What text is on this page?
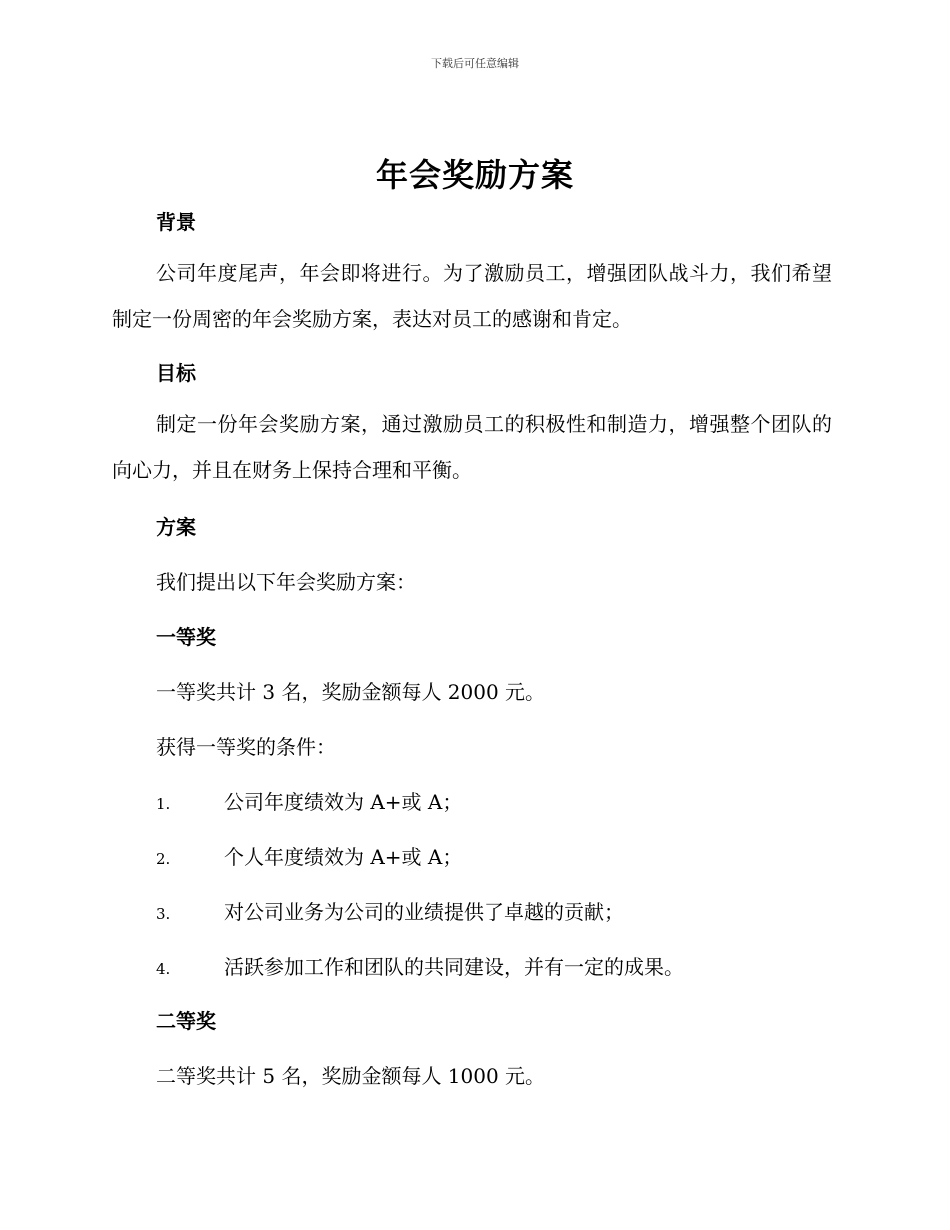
下载后可任意编辑
年会奖励方案
背景
公司年度尾声，年会即将进行。为了激励员工，增强团队战斗力，我们希望制定一份周密的年会奖励方案，表达对员工的感谢和肯定。
目标
制定一份年会奖励方案，通过激励员工的积极性和制造力，增强整个团队的向心力，并且在财务上保持合理和平衡。
方案
我们提出以下年会奖励方案：
一等奖
一等奖共计 3 名，奖励金额每人 2000 元。
获得一等奖的条件：
1.	公司年度绩效为 A+或 A；
2.	个人年度绩效为 A+或 A；
3.	对公司业务为公司的业绩提供了卓越的贡献；
4.	活跃参加工作和团队的共同建设，并有一定的成果。
二等奖
二等奖共计 5 名，奖励金额每人 1000 元。
